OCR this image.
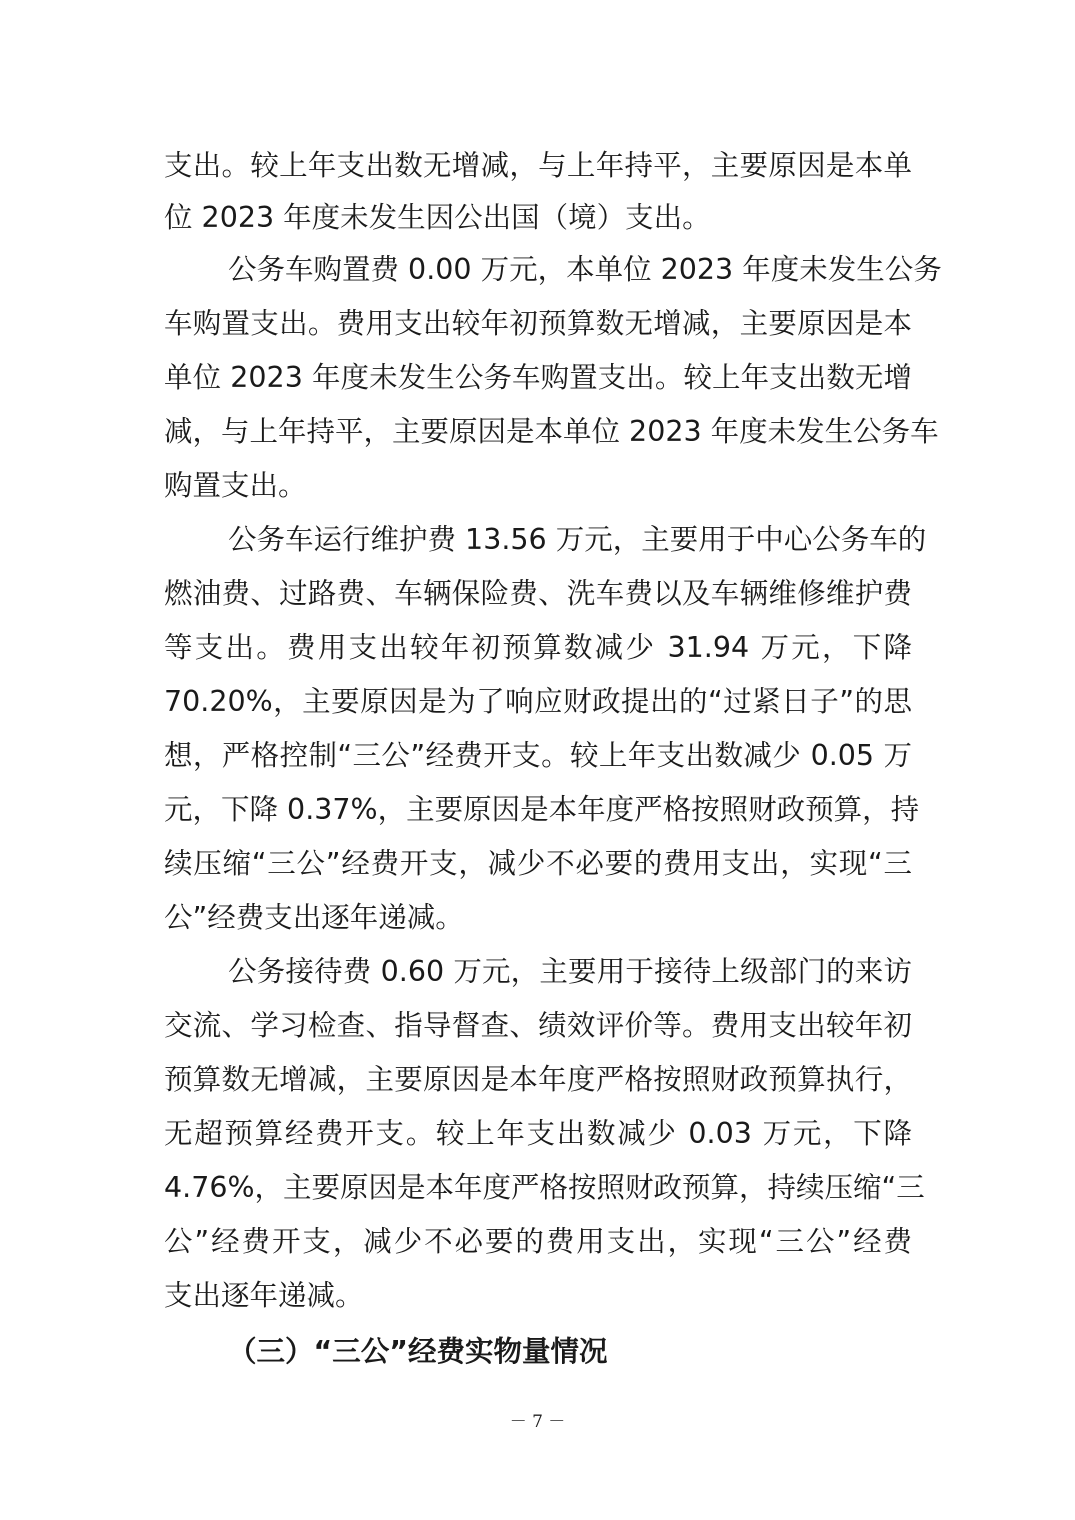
支出。较上年支出数无增减，与上年持平，主要原因是本单
位 2023 年度未发生因公出国（境）支出。
公务车购置费 0.00 万元，本单位 2023 年度未发生公务
车购置支出。费用支出较年初预算数无增减，主要原因是本
单位 2023 年度未发生公务车购置支出。较上年支出数无增
减，与上年持平，主要原因是本单位 2023 年度未发生公务车
购置支出。
公务车运行维护费 13.56 万元，主要用于中心公务车的
燃油费、过路费、车辆保险费、洗车费以及车辆维修维护费
等支出。费用支出较年初预算数减少 31.94 万元，下降
70.20%，主要原因是为了响应财政提出的“过紧日子”的思
想，严格控制“三公”经费开支。较上年支出数减少 0.05 万
元，下降 0.37%，主要原因是本年度严格按照财政预算，持
续压缩“三公”经费开支，减少不必要的费用支出，实现“三
公”经费支出逐年递减。
公务接待费 0.60 万元，主要用于接待上级部门的来访
交流、学习检查、指导督查、绩效评价等。费用支出较年初
预算数无增减，主要原因是本年度严格按照财政预算执行，
无超预算经费开支。较上年支出数减少 0.03 万元，下降
4.76%，主要原因是本年度严格按照财政预算，持续压缩“三
公”经费开支，减少不必要的费用支出，实现“三公”经费
支出逐年递减。
（三）“三公”经费实物量情况
－ 7 －
